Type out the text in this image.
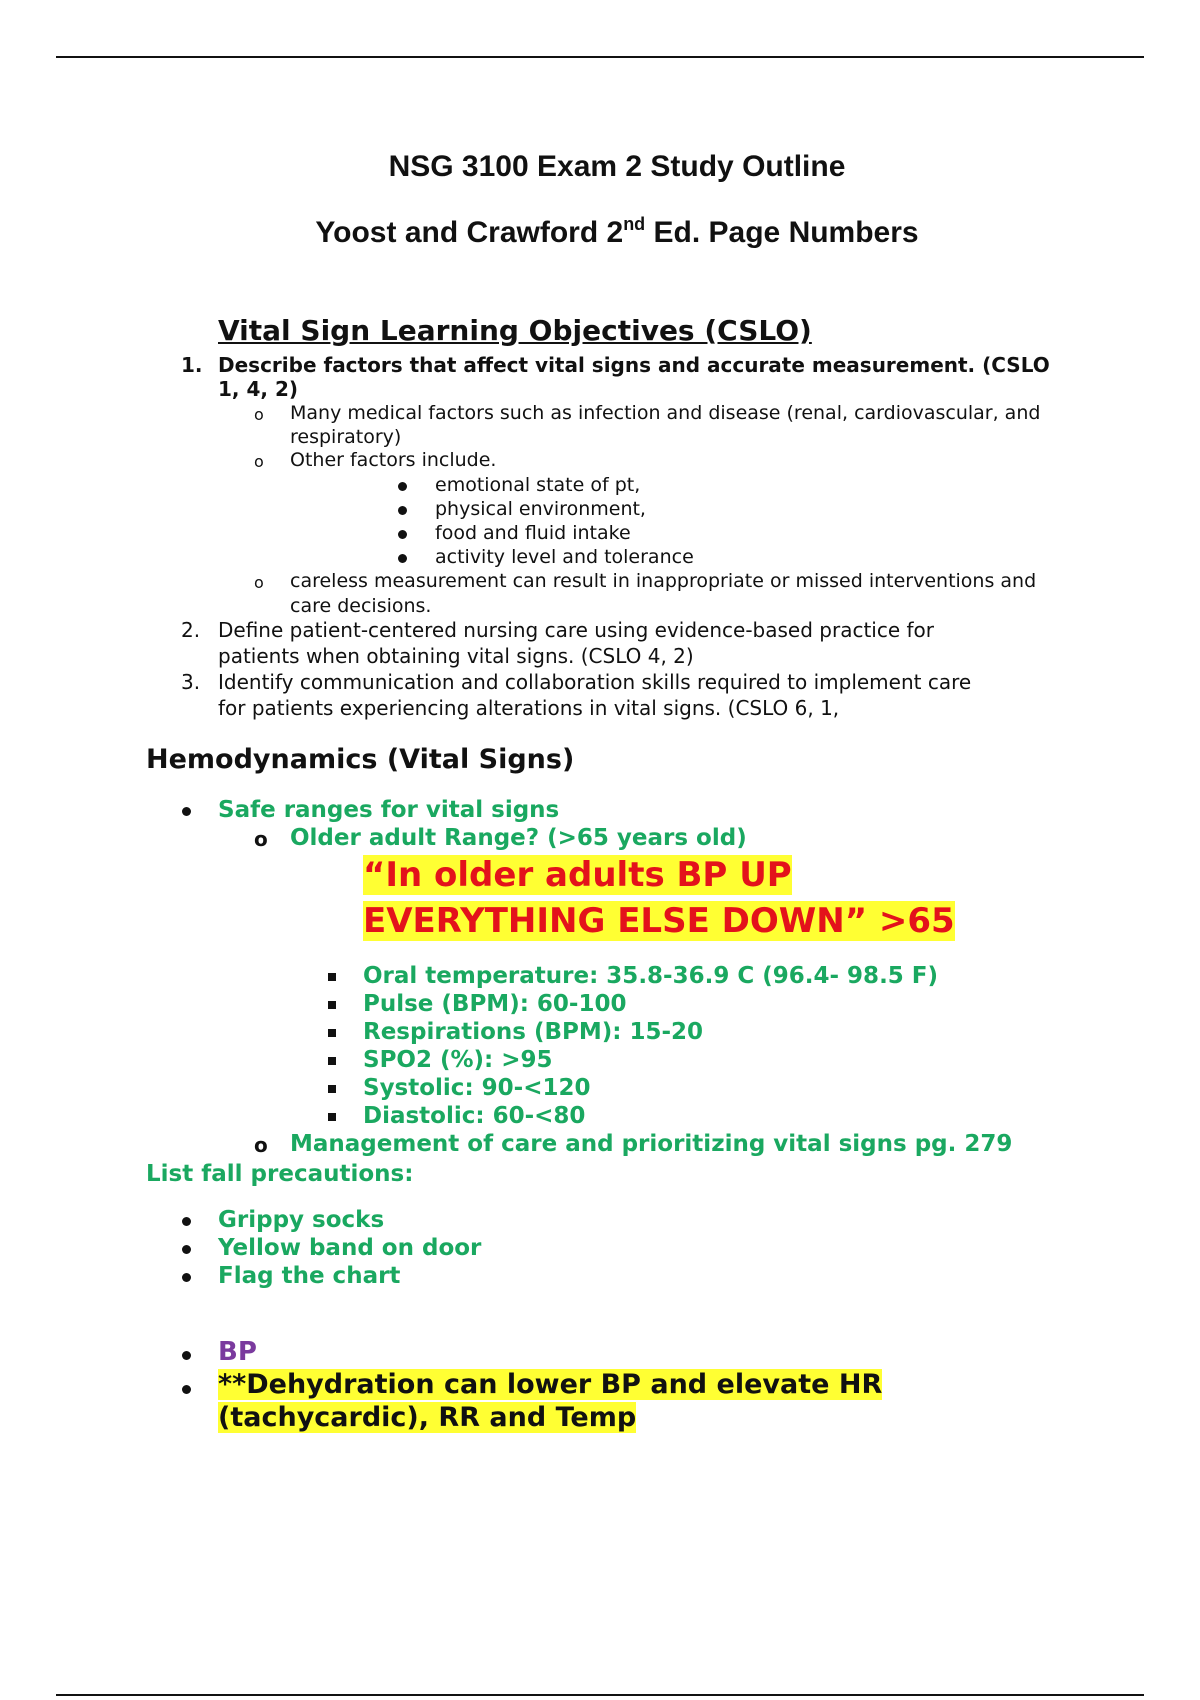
NSG 3100 Exam 2 Study Outline
Yoost and Crawford 2nd Ed. Page Numbers
Vital Sign Learning Objectives (CSLO)
1. Describe factors that affect vital signs and accurate measurement. (CSLO
1, 4, 2)
o Many medical factors such as infection and disease (renal, cardiovascular, and
respiratory)
o Other factors include.
emotional state of pt,
physical environment,
food and fluid intake
activity level and tolerance
o careless measurement can result in inappropriate or missed interventions and
care decisions.
2. Define patient-centered nursing care using evidence-based practice for
patients when obtaining vital signs. (CSLO 4, 2)
3. Identify communication and collaboration skills required to implement care
for patients experiencing alterations in vital signs. (CSLO 6, 1,
Hemodynamics (Vital Signs)
Safe ranges for vital signs
o Older adult Range? (>65 years old)
“In older adults BP UP
EVERYTHING ELSE DOWN” >65
Oral temperature: 35.8-36.9 C (96.4- 98.5 F)
Pulse (BPM): 60-100
Respirations (BPM): 15-20
SPO2 (%): >95
Systolic: 90-<120
Diastolic: 60-<80
o Management of care and prioritizing vital signs pg. 279
List fall precautions:
Grippy socks
Yellow band on door
Flag the chart
BP
**Dehydration can lower BP and elevate HR
(tachycardic), RR and Temp
